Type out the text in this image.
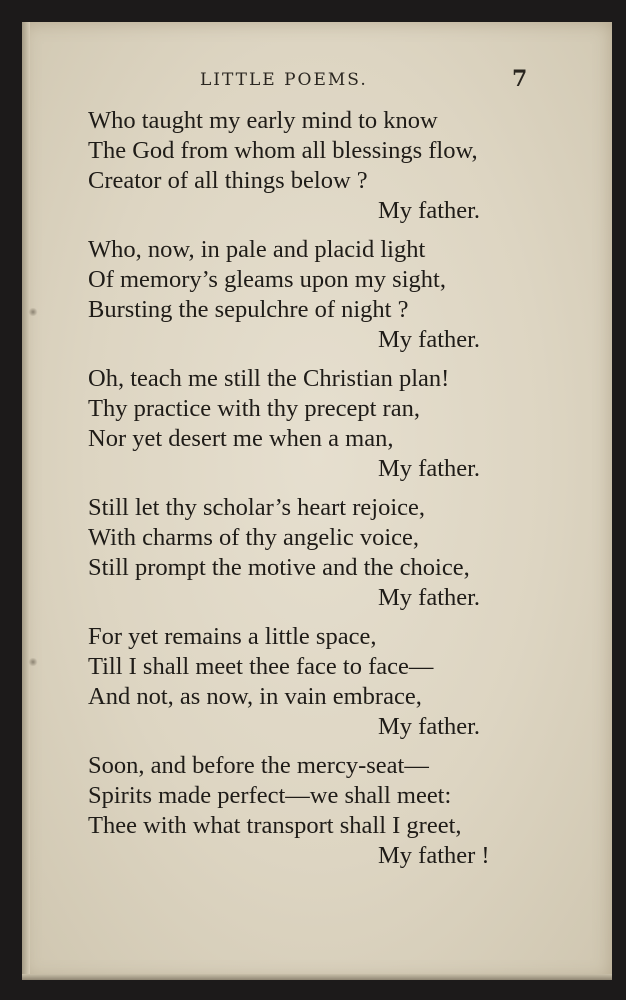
LITTLE POEMS.	7
Who taught my early mind to know
The God from whom all blessings flow,
Creator of all things below ?
My father.
Who, now, in pale and placid light
Of memory’s gleams upon my sight,
Bursting the sepulchre of night ?
My father.
Oh, teach me still the Christian plan!
Thy practice with thy precept ran,
Nor yet desert me when a man,
My father.
Still let thy scholar’s heart rejoice,
With charms of thy angelic voice,
Still prompt the motive and the choice,
My father.
For yet remains a little space,
Till I shall meet thee face to face—
And not, as now, in vain embrace,
My father.
Soon, and before the mercy-seat—
Spirits made perfect—we shall meet:
Thee with what transport shall I greet,
My father !
